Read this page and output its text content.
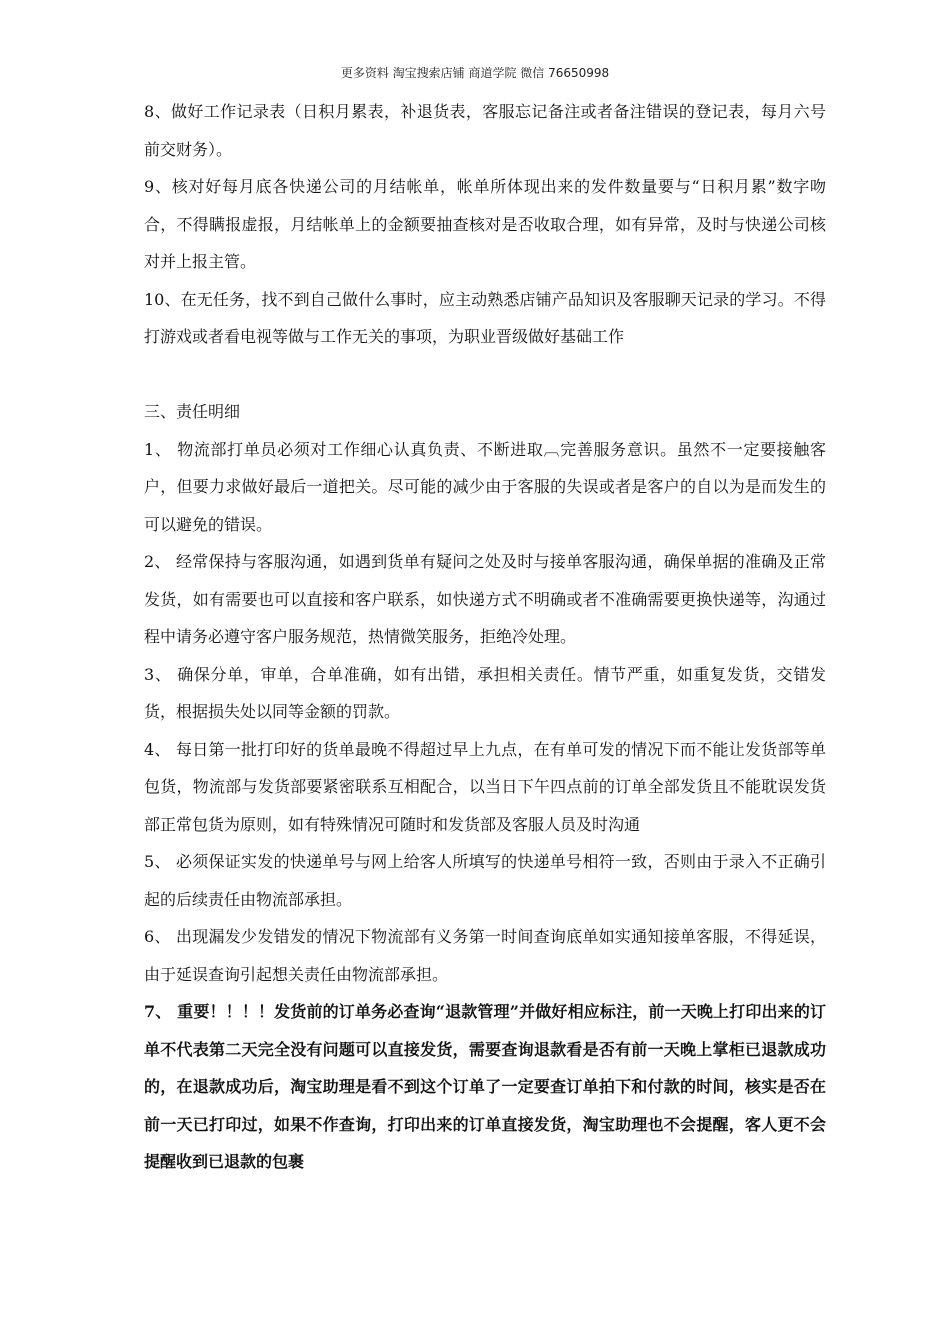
更多资料 淘宝搜索店铺 商道学院 微信 76650998

8、做好工作记录表（日积月累表，补退货表，客服忘记备注或者备注错误的登记表，每月六号前交财务）。

9、核对好每月底各快递公司的月结帐单，帐单所体现出来的发件数量要与“日积月累”数字吻合，不得瞒报虚报，月结帐单上的金额要抽查核对是否收取合理，如有异常，及时与快递公司核对并上报主管。

10、在无任务，找不到自己做什么事时，应主动熟悉店铺产品知识及客服聊天记录的学习。不得打游戏或者看电视等做与工作无关的事项，为职业晋级做好基础工作

三、责任明细

1、 物流部打单员必须对工作细心认真负责、不断进取︹完善服务意识。虽然不一定要接触客户，但要力求做好最后一道把关。尽可能的减少由于客服的失误或者是客户的自以为是而发生的可以避免的错误。

2、 经常保持与客服沟通，如遇到货单有疑问之处及时与接单客服沟通，确保单据的准确及正常发货，如有需要也可以直接和客户联系，如快递方式不明确或者不准确需要更换快递等，沟通过程中请务必遵守客户服务规范，热情微笑服务，拒绝冷处理。

3、 确保分单，审单，合单准确，如有出错，承担相关责任。情节严重，如重复发货，交错发货，根据损失处以同等金额的罚款。

4、 每日第一批打印好的货单最晚不得超过早上九点，在有单可发的情况下而不能让发货部等单包货，物流部与发货部要紧密联系互相配合，以当日下午四点前的订单全部发货且不能耽误发货部正常包货为原则，如有特殊情况可随时和发货部及客服人员及时沟通

5、 必须保证实发的快递单号与网上给客人所填写的快递单号相符一致，否则由于录入不正确引起的后续责任由物流部承担。

6、 出现漏发少发错发的情况下物流部有义务第一时间查询底单如实通知接单客服，不得延误，由于延误查询引起想关责任由物流部承担。

7、 重要！！！！发货前的订单务必查询“退款管理”并做好相应标注，前一天晚上打印出来的订单不代表第二天完全没有问题可以直接发货，需要查询退款看是否有前一天晚上掌柜已退款成功的，在退款成功后，淘宝助理是看不到这个订单了一定要查订单拍下和付款的时间，核实是否在前一天已打印过，如果不作查询，打印出来的订单直接发货，淘宝助理也不会提醒，客人更不会提醒收到已退款的包裹
